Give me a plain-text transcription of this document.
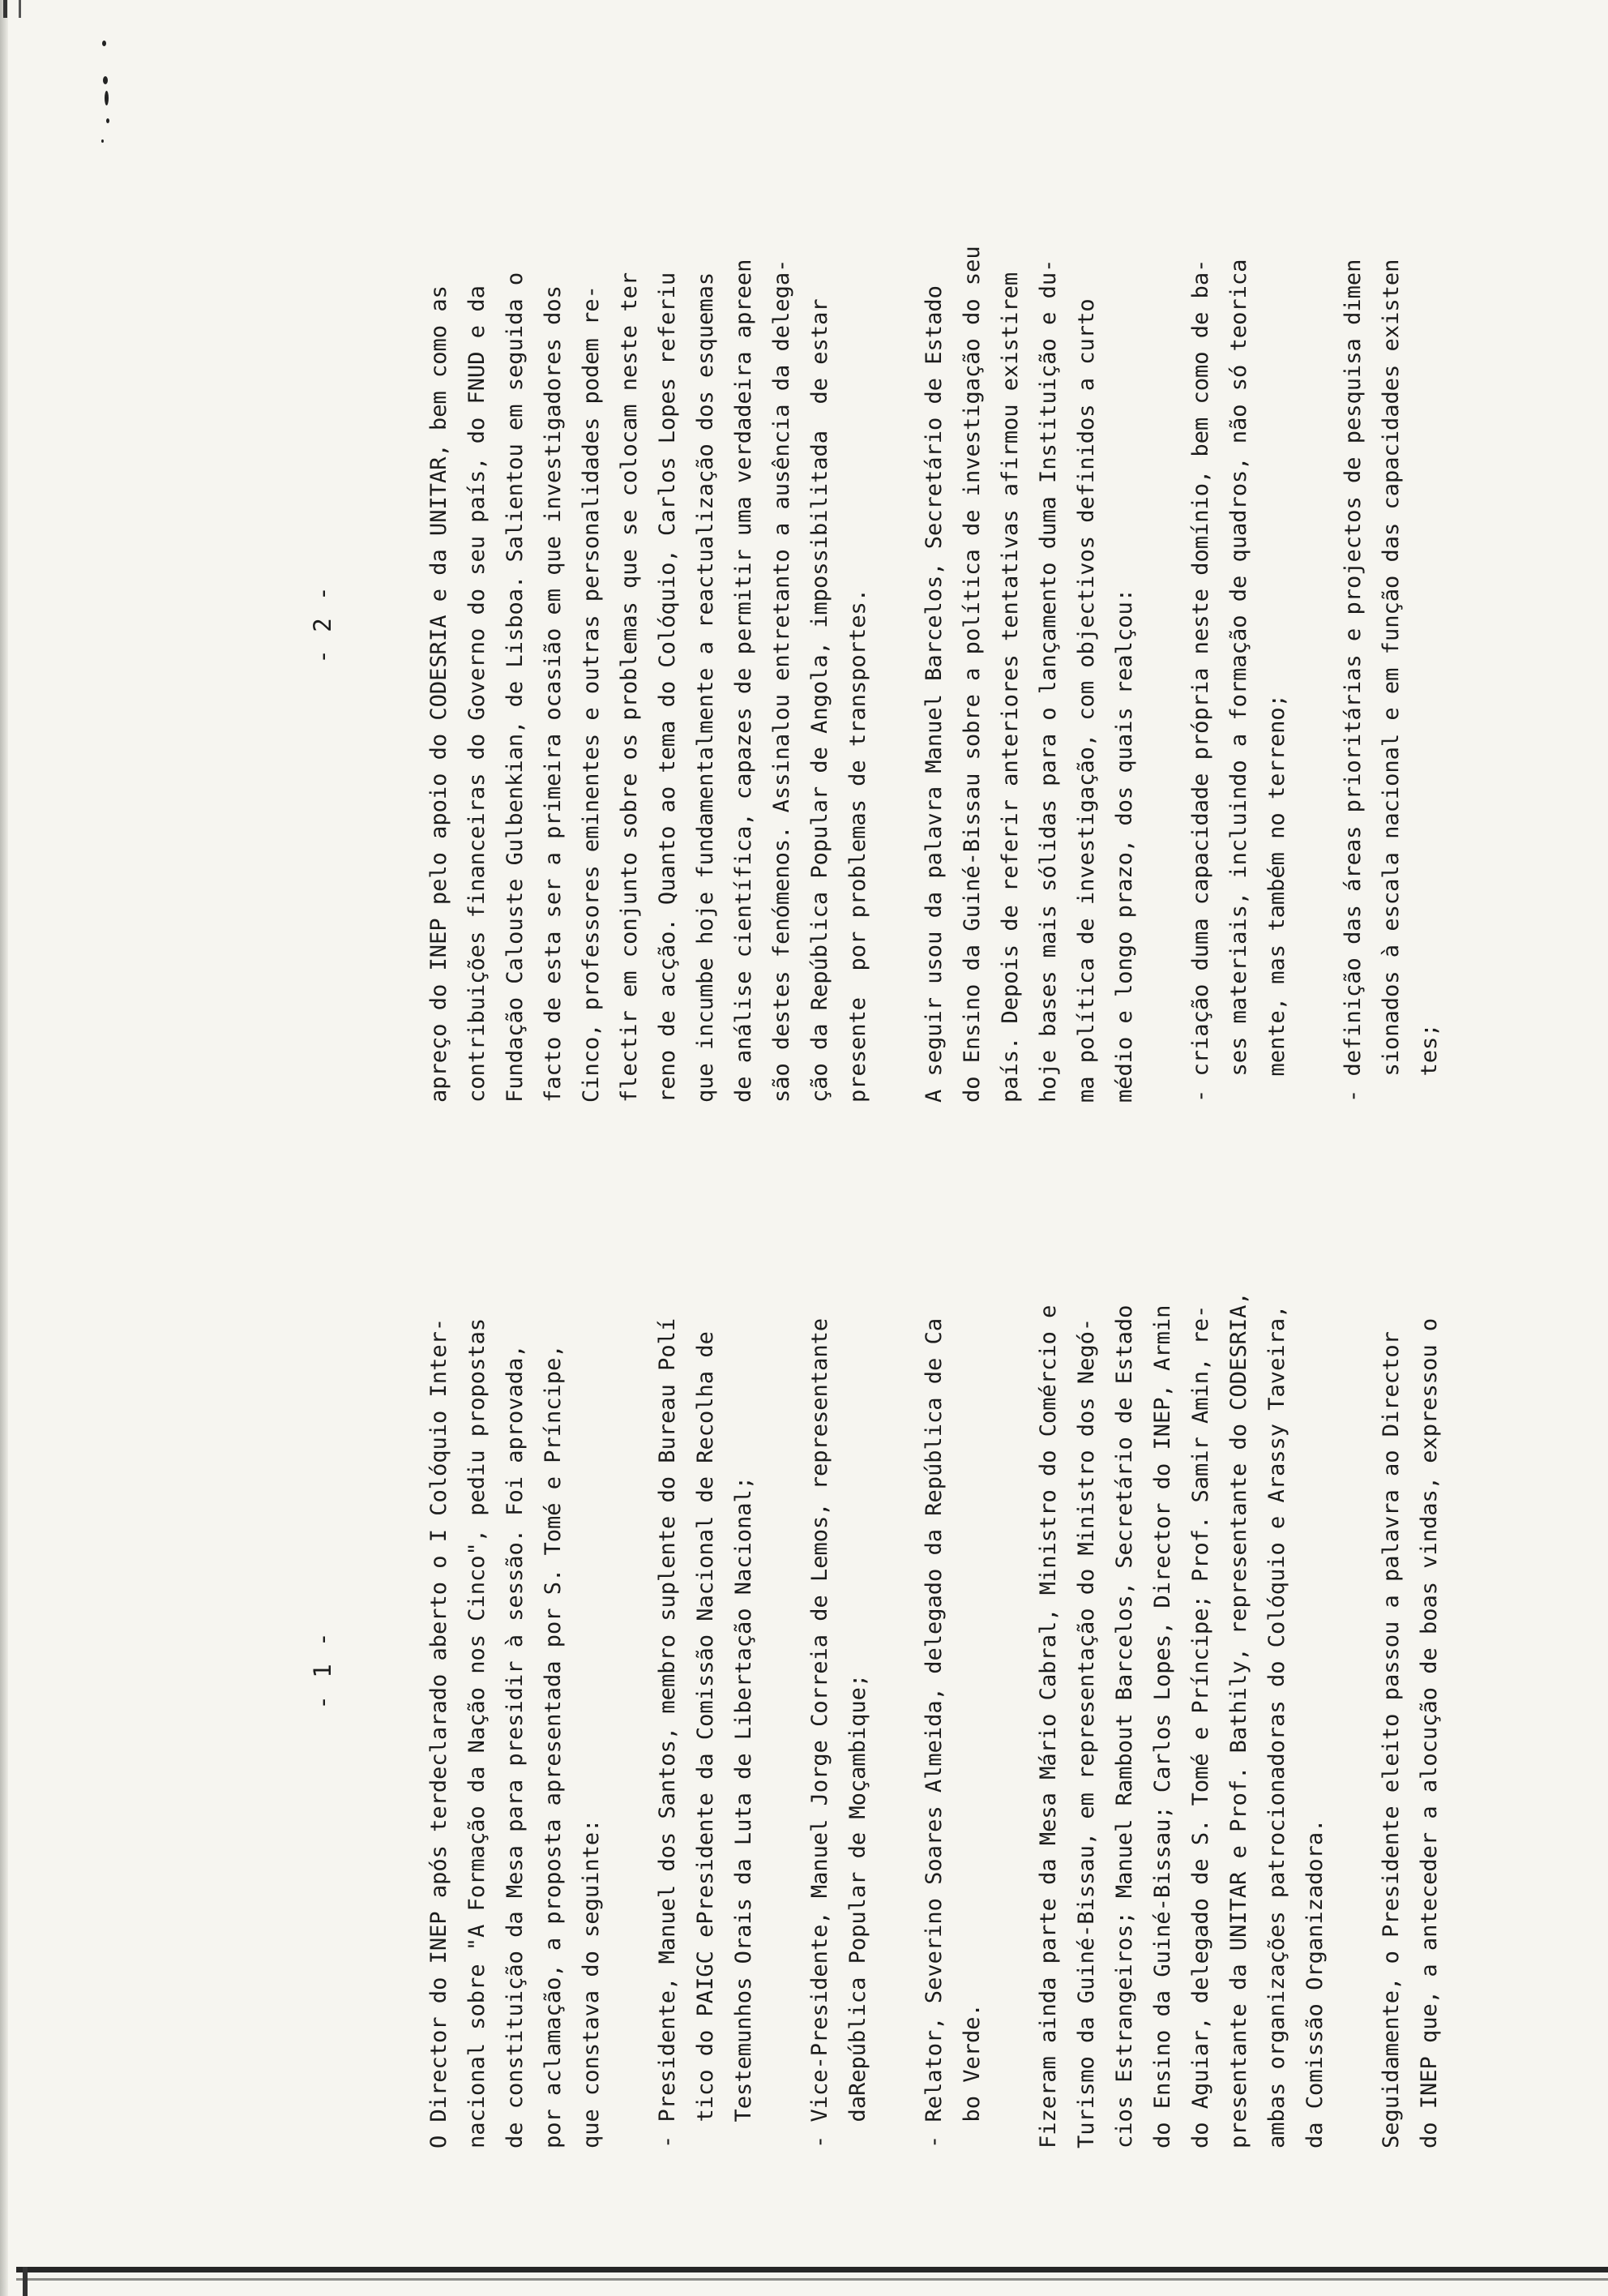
- 1 -	O Director do INEP após terdeclarado aberto o I Colóquio Inter- nacional sobre "A Formação da Nação nos Cinco", pediu propostas de constituição da Mesa para presidir à sessão. Foi aprovada, por aclamação, a proposta apresentada por S. Tomé e Príncipe, que constava do seguinte: - Presidente, Manuel dos Santos, membro suplente do Bureau Polí tico do PAIGC ePresidente da Comissão Nacional de Recolha de Testemunhos Orais da Luta de Libertação Nacional; - Vice-Presidente, Manuel Jorge Correia de Lemos, representante daRepública Popular de Moçambique; - Relator, Severino Soares Almeida, delegado da República de Ca bo Verde. Fizeram ainda parte da Mesa Mário Cabral, Ministro do Comércio e Turismo da Guiné-Bissau, em representação do Ministro dos Negó- cios Estrangeiros; Manuel Rambout Barcelos, Secretário de Estado do Ensino da Guiné-Bissau; Carlos Lopes, Director do INEP, Armin do Aguiar, delegado de S. Tomé e Príncipe; Prof. Samir Amin, re- presentante da UNITAR e Prof. Bathily, representante do CODESRIA, ambas organizações patrocionadoras do Colóquio e Arassy Taveira, da Comissão Organizadora. Seguidamente, o Presidente eleito passou a palavra ao Director do INEP que, a anteceder a alocução de boas vindas, expressou o
- 2 -	apreço do INEP pelo apoio do CODESRIA e da UNITAR, bem como as contribuições financeiras do Governo do seu país, do FNUD e da Fundação Calouste Gulbenkian, de Lisboa. Salientou em seguida o facto de esta ser a primeira ocasião em que investigadores dos Cinco, professores eminentes e outras personalidades podem re- flectir em conjunto sobre os problemas que se colocam neste ter reno de acção. Quanto ao tema do Colóquio, Carlos Lopes referiu que incumbe hoje fundamentalmente a reactualização dos esquemas de análise científica, capazes de permitir uma verdadeira apreen são destes fenómenos. Assinalou entretanto a ausência da delega- ção da República Popular de Angola, impossibilitada  de estar presente  por problemas de transportes. A seguir usou da palavra Manuel Barcelos, Secretário de Estado do Ensino da Guiné-Bissau sobre a política de investigação do seu país. Depois de referir anteriores tentativas afirmou existirem hoje bases mais sólidas para o lançamento duma Instituição e du- ma política de investigação, com objectivos definidos a curto médio e longo prazo, dos quais realçou: - criação duma capacidade própria neste domínio, bem como de ba- ses materiais, incluindo a formação de quadros, não só teorica mente, mas também no terreno; - definição das áreas prioritárias e projectos de pesquisa dimen sionados à escala nacional e em função das capacidades existen tes;
